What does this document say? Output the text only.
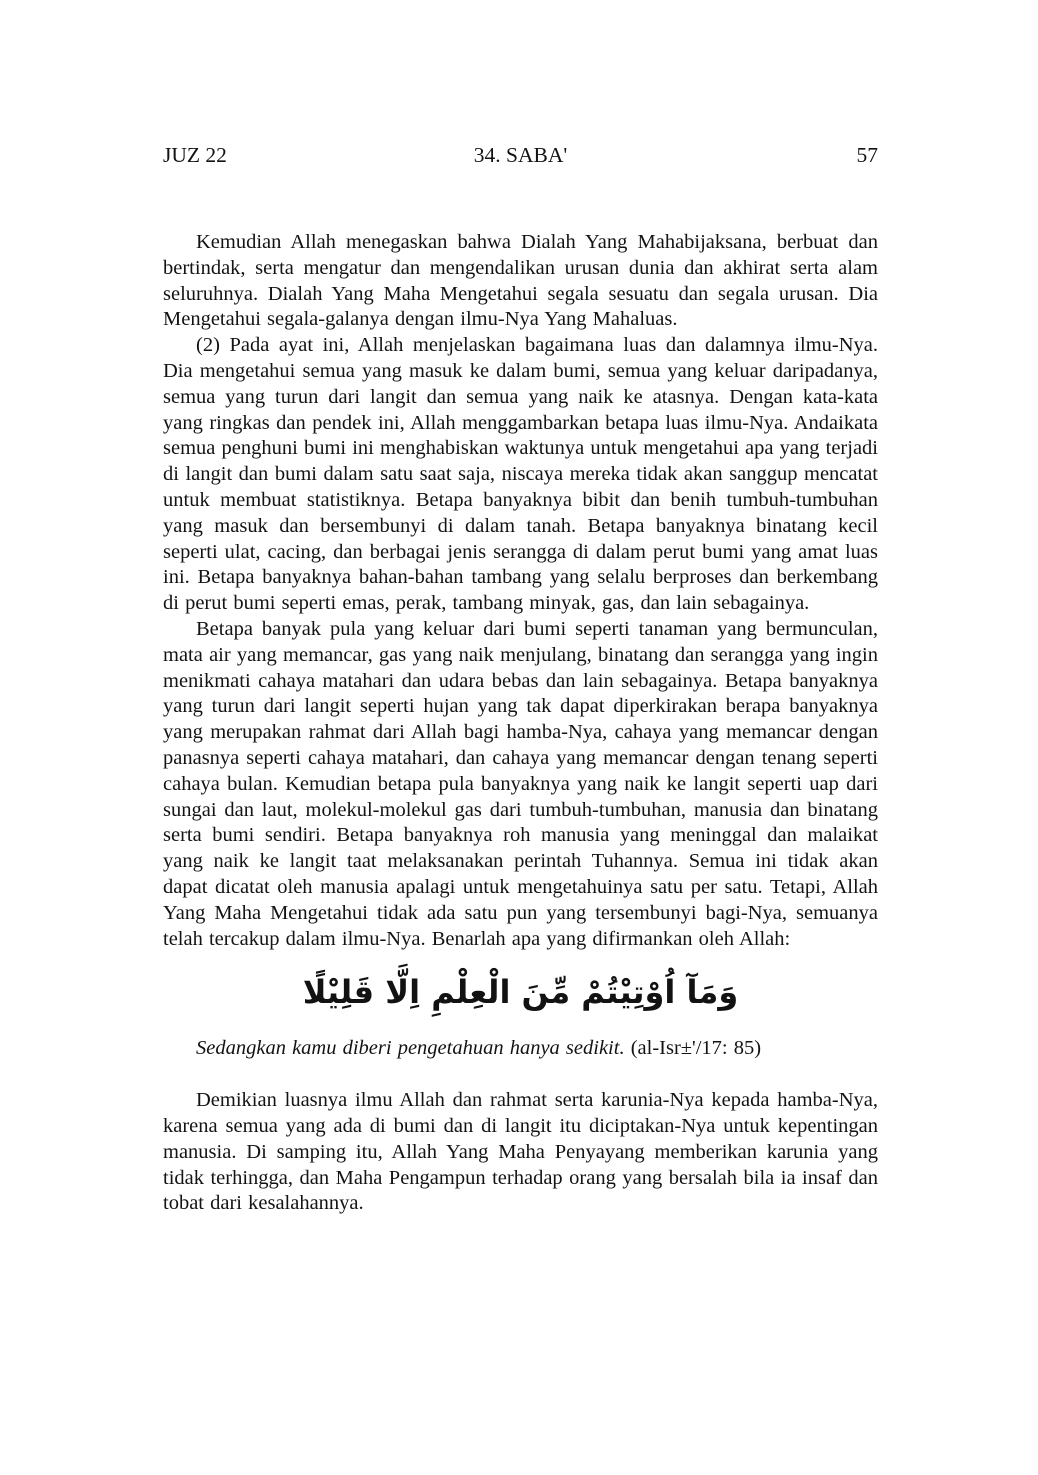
JUZ 22	34. SABA'	57

Kemudian Allah menegaskan bahwa Dialah Yang Mahabijaksana, berbuat dan bertindak, serta mengatur dan mengendalikan urusan dunia dan akhirat serta alam seluruhnya. Dialah Yang Maha Mengetahui segala sesuatu dan segala urusan. Dia Mengetahui segala-galanya dengan ilmu-Nya Yang Mahaluas.

(2) Pada ayat ini, Allah menjelaskan bagaimana luas dan dalamnya ilmu-Nya. Dia mengetahui semua yang masuk ke dalam bumi, semua yang keluar daripadanya, semua yang turun dari langit dan semua yang naik ke atasnya. Dengan kata-kata yang ringkas dan pendek ini, Allah menggambarkan betapa luas ilmu-Nya. Andaikata semua penghuni bumi ini menghabiskan waktunya untuk mengetahui apa yang terjadi di langit dan bumi dalam satu saat saja, niscaya mereka tidak akan sanggup mencatat untuk membuat statistiknya. Betapa banyaknya bibit dan benih tumbuh-tumbuhan yang masuk dan bersembunyi di dalam tanah. Betapa banyaknya binatang kecil seperti ulat, cacing, dan berbagai jenis serangga di dalam perut bumi yang amat luas ini. Betapa banyaknya bahan-bahan tambang yang selalu berproses dan berkembang di perut bumi seperti emas, perak, tambang minyak, gas, dan lain sebagainya.

Betapa banyak pula yang keluar dari bumi seperti tanaman yang bermunculan, mata air yang memancar, gas yang naik menjulang, binatang dan serangga yang ingin menikmati cahaya matahari dan udara bebas dan lain sebagainya. Betapa banyaknya yang turun dari langit seperti hujan yang tak dapat diperkirakan berapa banyaknya yang merupakan rahmat dari Allah bagi hamba-Nya, cahaya yang memancar dengan panasnya seperti cahaya matahari, dan cahaya yang memancar dengan tenang seperti cahaya bulan. Kemudian betapa pula banyaknya yang naik ke langit seperti uap dari sungai dan laut, molekul-molekul gas dari tumbuh-tumbuhan, manusia dan binatang serta bumi sendiri. Betapa banyaknya roh manusia yang meninggal dan malaikat yang naik ke langit taat melaksanakan perintah Tuhannya. Semua ini tidak akan dapat dicatat oleh manusia apalagi untuk mengetahuinya satu per satu. Tetapi, Allah Yang Maha Mengetahui tidak ada satu pun yang tersembunyi bagi-Nya, semuanya telah tercakup dalam ilmu-Nya. Benarlah apa yang difirmankan oleh Allah:

وَمَآ اُوْتِيْتُمْ مِّنَ الْعِلْمِ اِلَّا قَلِيْلًا

Sedangkan kamu diberi pengetahuan hanya sedikit. (al-Isr±'/17: 85)

Demikian luasnya ilmu Allah dan rahmat serta karunia-Nya kepada hamba-Nya, karena semua yang ada di bumi dan di langit itu diciptakan-Nya untuk kepentingan manusia. Di samping itu, Allah Yang Maha Penyayang memberikan karunia yang tidak terhingga, dan Maha Pengampun terhadap orang yang bersalah bila ia insaf dan tobat dari kesalahannya.
